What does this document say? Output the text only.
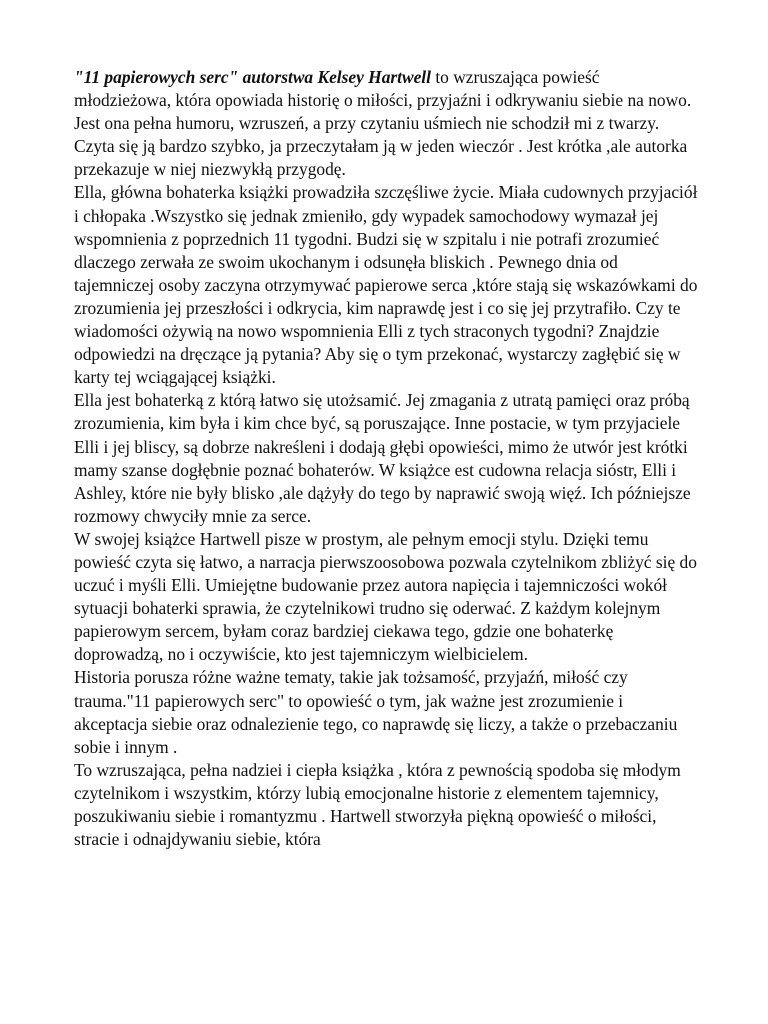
"11 papierowych serc" autorstwa Kelsey Hartwell to wzruszająca powieść młodzieżowa, która opowiada historię o miłości, przyjaźni i odkrywaniu siebie na nowo. Jest ona pełna humoru, wzruszeń, a przy czytaniu uśmiech nie schodził mi z twarzy. Czyta się ją bardzo szybko, ja przeczytałam ją w jeden wieczór . Jest krótka ,ale autorka przekazuje w niej niezwykłą przygodę.

Ella, główna bohaterka książki prowadziła szczęśliwe życie. Miała cudownych przyjaciół i chłopaka .Wszystko się jednak zmieniło, gdy wypadek samochodowy wymazał jej wspomnienia z poprzednich 11 tygodni. Budzi się w szpitalu i nie potrafi zrozumieć dlaczego zerwała ze swoim ukochanym i odsunęła bliskich . Pewnego dnia od tajemniczej osoby zaczyna otrzymywać papierowe serca ,które stają się wskazówkami do zrozumienia jej przeszłości i odkrycia, kim naprawdę jest i co się jej przytrafiło. Czy te wiadomości ożywią na nowo wspomnienia Elli z tych straconych tygodni? Znajdzie odpowiedzi na dręczące ją pytania? Aby się o tym przekonać, wystarczy zagłębić się w karty tej wciągającej książki.

Ella jest bohaterką z którą łatwo się utożsamić. Jej zmagania z utratą pamięci oraz próbą zrozumienia, kim była i kim chce być, są poruszające. Inne postacie, w tym przyjaciele Elli i jej bliscy, są dobrze nakreśleni i dodają głębi opowieści, mimo że utwór jest krótki mamy szanse dogłębnie poznać bohaterów. W książce est cudowna relacja sióstr, Elli i Ashley, które nie były blisko ,ale dążyły do tego by naprawić swoją więź. Ich późniejsze rozmowy chwyciły mnie za serce.

W swojej książce Hartwell pisze w prostym, ale pełnym emocji stylu. Dzięki temu powieść czyta się łatwo, a narracja pierwszoosobowa pozwala czytelnikom zbliżyć się do uczuć i myśli Elli. Umiejętne budowanie przez autora napięcia i tajemniczości wokół sytuacji bohaterki sprawia, że czytelnikowi trudno się oderwać. Z każdym kolejnym papierowym sercem, byłam coraz bardziej ciekawa tego, gdzie one bohaterkę doprowadzą, no i oczywiście, kto jest tajemniczym wielbicielem.

Historia porusza różne ważne tematy, takie jak tożsamość, przyjaźń, miłość czy trauma."11 papierowych serc" to opowieść o tym, jak ważne jest zrozumienie i akceptacja siebie oraz odnalezienie tego, co naprawdę się liczy, a także o przebaczaniu sobie i innym .

To wzruszająca, pełna nadziei i ciepła książka , która z pewnością spodoba się młodym czytelnikom i wszystkim, którzy lubią emocjonalne historie z elementem tajemnicy, poszukiwaniu siebie i romantyzmu . Hartwell stworzyła piękną opowieść o miłości, stracie i odnajdywaniu siebie, która
